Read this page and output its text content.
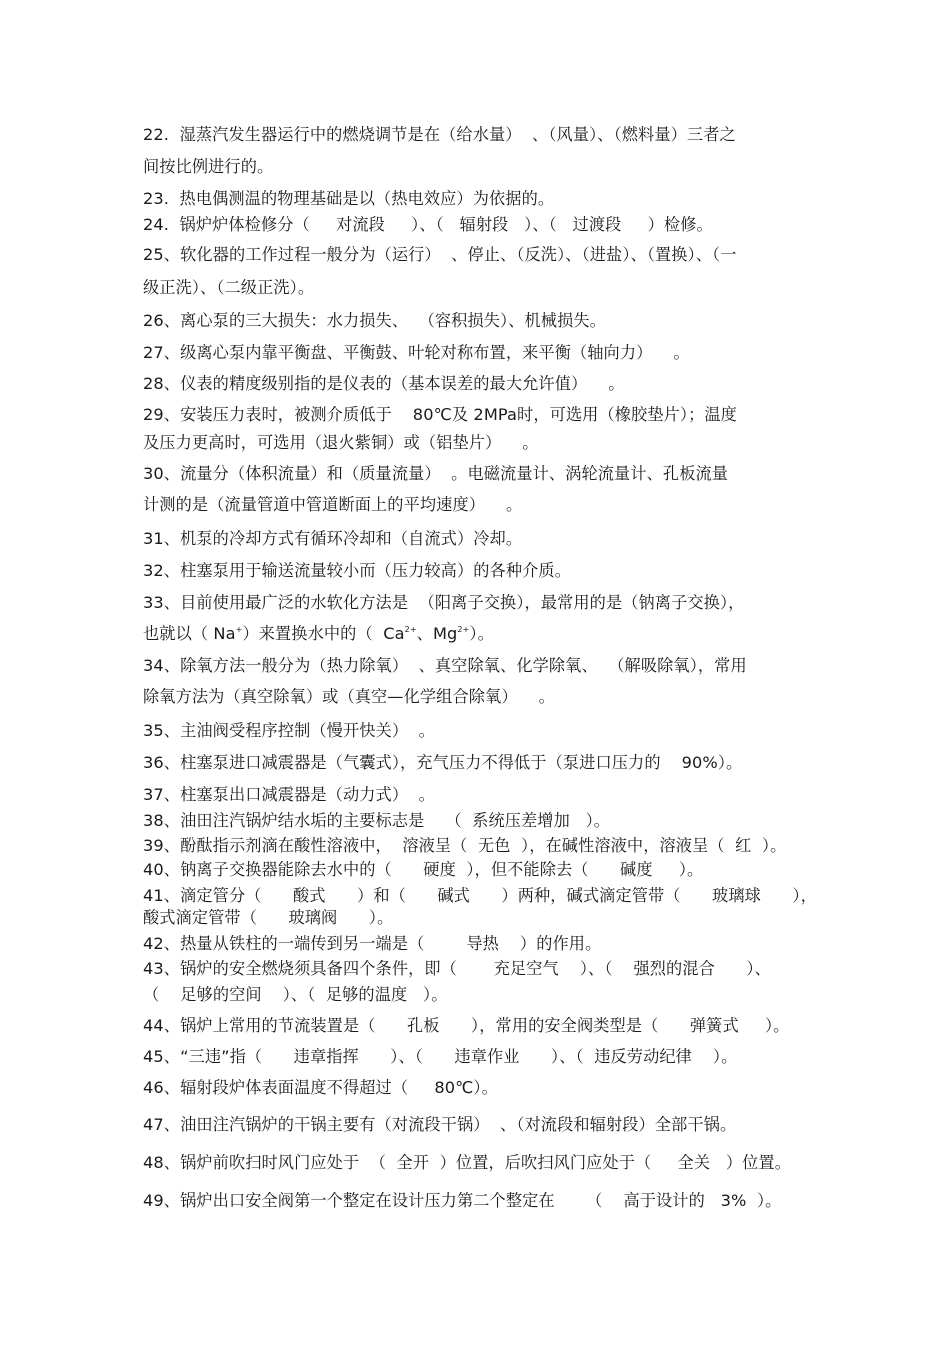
22.  湿蒸汽发生器运行中的燃烧调节是在（给水量）  、（风量）、（燃料量）三者之
间按比例进行的。
23.  热电偶测温的物理基础是以（热电效应）为依据的。
24.  锅炉炉体检修分（     对流段     ）、（   辐射段   ）、（   过渡段     ）检修。
25、软化器的工作过程一般分为（运行）  、停止、（反洗）、（进盐）、（置换）、（一
级正洗）、（二级正洗）。
26、离心泵的三大损失：水力损失、  （容积损失）、机械损失。
27、级离心泵内靠平衡盘、平衡鼓、叶轮对称布置，来平衡（轴向力）    。
28、仪表的精度级别指的是仪表的（基本误差的最大允许值）    。
29、安装压力表时，被测介质低于    80℃及 2MPa时，可选用（橡胶垫片）；温度
及压力更高时，可选用（退火紫铜）或（铝垫片）    。
30、流量分（体积流量）和（质量流量）  。电磁流量计、涡轮流量计、孔板流量
计测的是（流量管道中管道断面上的平均速度）    。
31、机泵的冷却方式有循环冷却和（自流式）冷却。
32、柱塞泵用于输送流量较小而（压力较高）的各种介质。
33、目前使用最广泛的水软化方法是  （阳离子交换），最常用的是（钠离子交换），
也就以（ Na+）来置换水中的（  $Ca^{2+}$、$Mg^{2+}$）。
34、除氧方法一般分为（热力除氧）  、真空除氧、化学除氧、  （解吸除氧），常用
除氧方法为（真空除氧）或（真空—化学组合除氧）    。
35、主油阀受程序控制（慢开快关）  。
36、柱塞泵进口减震器是（气囊式），充气压力不得低于（泵进口压力的    90%）。
37、柱塞泵出口减震器是（动力式）  。
38、油田注汽锅炉结水垢的主要标志是    （  系统压差增加   ）。
39、酚酞指示剂滴在酸性溶液中，  溶液呈（  无色  ），在碱性溶液中，溶液呈（  红  ）。
40、钠离子交换器能除去水中的（      硬度  ），但不能除去（      碱度     ）。
41、滴定管分（      酸式      ）和（      碱式      ）两种，碱式滴定管带（      玻璃球      ），
酸式滴定管带（      玻璃阀      ）。
42、热量从铁柱的一端传到另一端是（        导热    ）的作用。
43、锅炉的安全燃烧须具备四个条件，即（       充足空气    ）、（    强烈的混合      ）、
（    足够的空间    ）、（  足够的温度   ）。
44、锅炉上常用的节流装置是（      孔板      ），常用的安全阀类型是（      弹簧式     ）。
45、“三违”指（      违章指挥      ）、（      违章作业      ）、（  违反劳动纪律    ）。
46、辐射段炉体表面温度不得超过（     80℃）。
47、油田注汽锅炉的干锅主要有（对流段干锅）  、（对流段和辐射段）全部干锅。
48、锅炉前吹扫时风门应处于  （  全开  ）位置，后吹扫风门应处于（     全关   ）位置。
49、锅炉出口安全阀第一个整定在设计压力第二个整定在      （    高于设计的   3%  ）。
